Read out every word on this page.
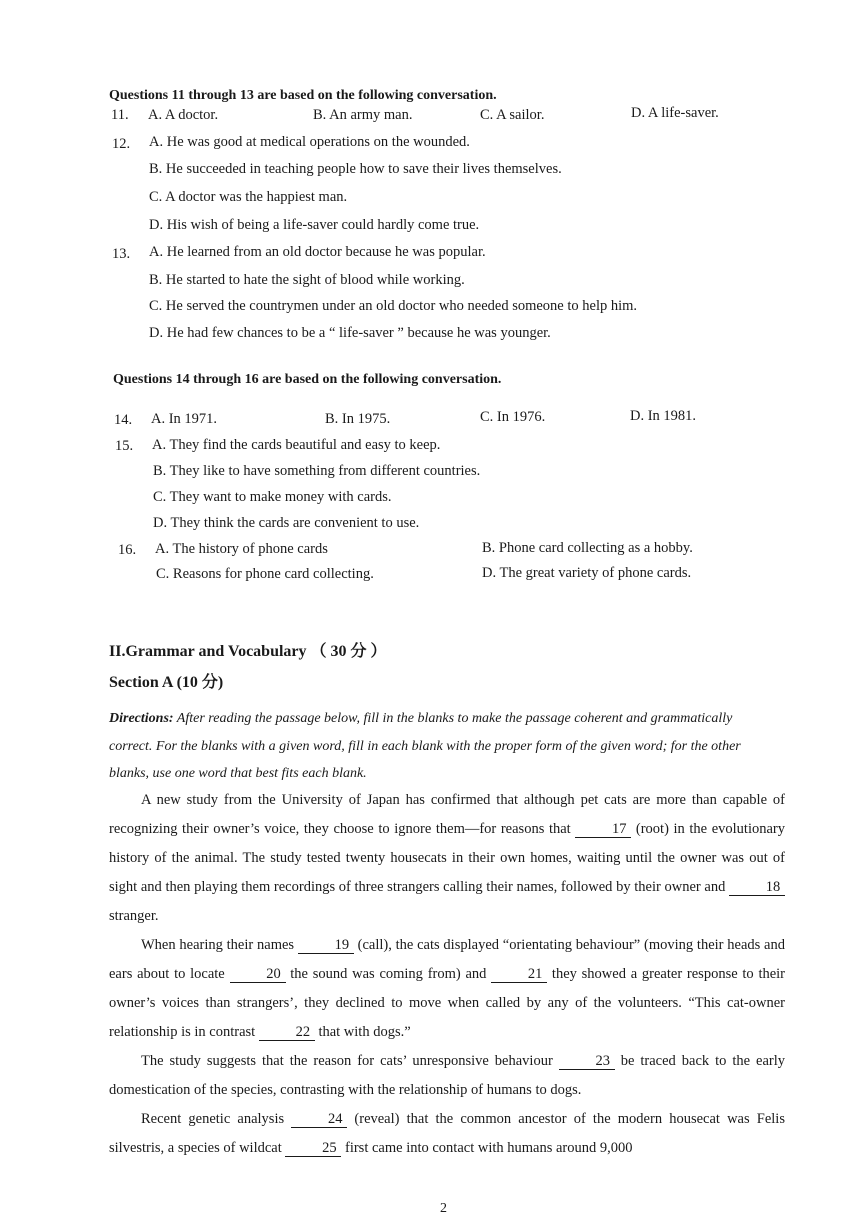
Questions 11 through 13 are based on the following conversation.
11. A. A doctor.	B. An army man.	C. A sailor.	D. A life-saver.
12. A. He was good at medical operations on the wounded.
B. He succeeded in teaching people how to save their lives themselves.
C. A doctor was the happiest man.
D. His wish of being a life-saver could hardly come true.
13. A. He learned from an old doctor because he was popular.
B. He started to hate the sight of blood while working.
C. He served the countrymen under an old doctor who needed someone to help him.
D. He had few chances to be a “ life-saver ” because he was younger.
Questions 14 through 16 are based on the following conversation.
14. A. In 1971.	B. In 1975.	C. In 1976.	D. In 1981.
15. A. They find the cards beautiful and easy to keep.
B. They like to have something from different countries.
C. They want to make money with cards.
D. They think the cards are convenient to use.
16. A. The history of phone cards	B. Phone card collecting as a hobby.
C. Reasons for phone card collecting.	D. The great variety of phone cards.
II.Grammar and Vocabulary （ 30 分 ）
Section A (10 分)
Directions: After reading the passage below, fill in the blanks to make the passage coherent and grammatically correct. For the blanks with a given word, fill in each blank with the proper form of the given word; for the other blanks, use one word that best fits each blank.

A new study from the University of Japan has confirmed that although pet cats are more than capable of recognizing their owner’s voice, they choose to ignore them—for reasons that	17 (root) in the evolutionary history of the animal. The study tested twenty housecats in their own homes, waiting until the owner was out of sight and then playing them recordings of three strangers calling their names, followed by their owner and	18 stranger.

When hearing their names	19 (call), the cats displayed “orientating behaviour” (moving their heads and ears about to locate	20 the sound was coming from) and	21 they showed a greater response to their owner’s voices than strangers’, they declined to move when called by any of the volunteers. “This cat-owner relationship is in contrast	22 that with dogs.”

The study suggests that the reason for cats’ unresponsive behaviour	23 be traced back to the early domestication of the species, contrasting with the relationship of humans to dogs.

Recent genetic analysis	24 (reveal) that the common ancestor of the modern housecat was Felis silvestris, a species of wildcat	25 first came into contact with humans around 9,000

2
